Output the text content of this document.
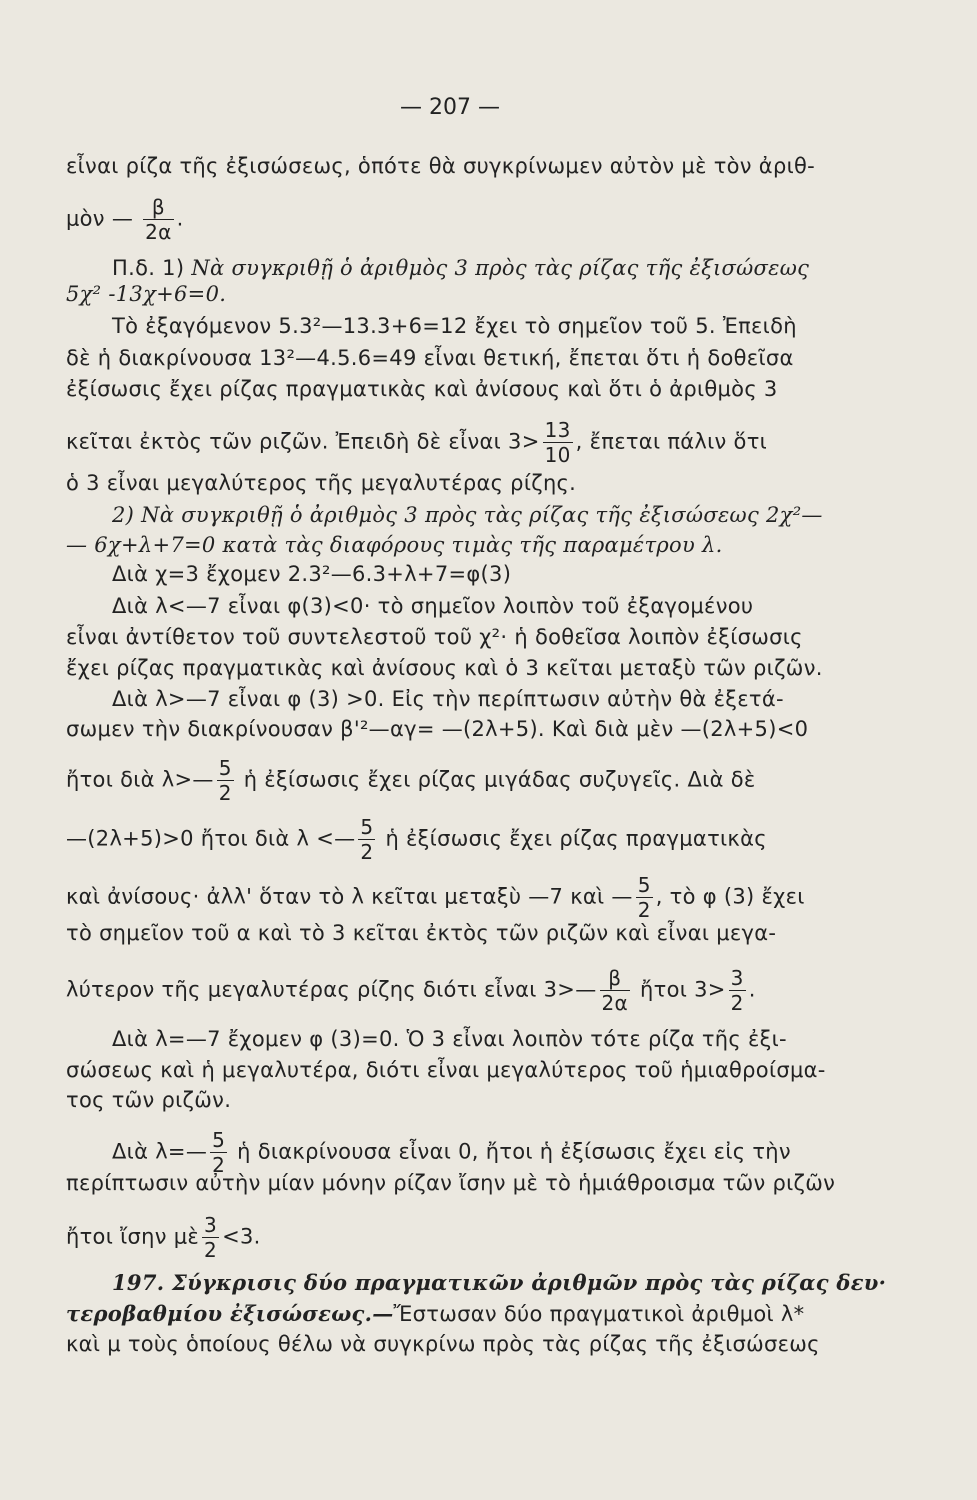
— 207 —
εἶναι ρίζα τῆς ἐξισώσεως, ὁπότε θὰ συγκρίνωμεν αὐτὸν μὲ τὸν ἀριθ-
μὸν — $\frac{\beta}{2\alpha}$ .
Π.δ. 1) Νὰ συγκριθῇ ὁ ἀριθμὸς 3 πρὸς τὰς ρίζας τῆς ἐξισώσεως
5χ² -13χ+6=0.
Τὸ ἐξαγόμενον 5.3²—13.3+6=12 ἔχει τὸ σημεῖον τοῦ 5. Ἐπειδὴ
δὲ ἡ διακρίνουσα 13²—4.5.6=49 εἶναι θετική, ἔπεται ὅτι ἡ δοθεῖσα
ἐξίσωσις ἔχει ρίζας πραγματικὰς καὶ ἀνίσους καὶ ὅτι ὁ ἀριθμὸς 3
κεῖται ἐκτὸς τῶν ριζῶν. Ἐπειδὴ δὲ εἶναι $3> \frac{13}{10}$ , ἔπεται πάλιν ὅτι
ὁ 3 εἶναι μεγαλύτερος τῆς μεγαλυτέρας ρίζης.
2) Νὰ συγκριθῇ ὁ ἀριθμὸς 3 πρὸς τὰς ρίζας τῆς ἐξισώσεως 2χ²—
— 6χ+λ+7=0 κατὰ τὰς διαφόρους τιμὰς τῆς παραμέτρου λ.
Διὰ χ=3 ἔχομεν 2.3²—6.3+λ+7=φ(3)
Διὰ λ<—7 εἶναι φ(3)<0· τὸ σημεῖον λοιπὸν τοῦ ἐξαγομένου
εἶναι ἀντίθετον τοῦ συντελεστοῦ τοῦ χ²· ἡ δοθεῖσα λοιπὸν ἐξίσωσις
ἔχει ρίζας πραγματικὰς καὶ ἀνίσους καὶ ὁ 3 κεῖται μεταξὺ τῶν ριζῶν.
Διὰ λ>—7 εἶναι φ (3) >0. Εἰς τὴν περίπτωσιν αὐτὴν θὰ ἐξετά-
σωμεν τὴν διακρίνουσαν β'²—αγ= —(2λ+5). Καὶ διὰ μὲν —(2λ+5)<0
ἤτοι διὰ λ>— $\frac{5}{2}$ ἡ ἐξίσωσις ἔχει ρίζας μιγάδας συζυγεῖς. Διὰ δὲ
—(2λ+5)>0 ἤτοι διὰ λ <— $\frac{5}{2}$ ἡ ἐξίσωσις ἔχει ρίζας πραγματικὰς
καὶ ἀνίσους· ἀλλ' ὅταν τὸ λ κεῖται μεταξὺ —7 καὶ — $\frac{5}{2}$ , τὸ φ (3) ἔχει
τὸ σημεῖον τοῦ α καὶ τὸ 3 κεῖται ἐκτὸς τῶν ριζῶν καὶ εἶναι μεγα-
λύτερον τῆς μεγαλυτέρας ρίζης διότι εἶναι 3>— $\frac{\beta}{2\alpha}$ ἤτοι $3> \frac{3}{2}$ .
Διὰ λ=—7 ἔχομεν φ (3)=0. Ὁ 3 εἶναι λοιπὸν τότε ρίζα τῆς ἐξι-
σώσεως καὶ ἡ μεγαλυτέρα, διότι εἶναι μεγαλύτερος τοῦ ἡμιαθροίσμα-
τος τῶν ριζῶν.
Διὰ λ=— $\frac{5}{2}$ ἡ διακρίνουσα εἶναι 0, ἤτοι ἡ ἐξίσωσις ἔχει εἰς τὴν
περίπτωσιν αὐτὴν μίαν μόνην ρίζαν ἴσην μὲ τὸ ἡμιάθροισμα τῶν ριζῶν
ἤτοι ἴσην μὲ $\frac{3}{2} <3$.
197. Σύγκρισις δύο πραγματικῶν ἀριθμῶν πρὸς τὰς ρίζας δευ·
τεροβαθμίου ἐξισώσεως.—Ἔστωσαν δύο πραγματικοὶ ἀριθμοὶ λ*
καὶ μ τοὺς ὁποίους θέλω νὰ συγκρίνω πρὸς τὰς ρίζας τῆς ἐξισώσεως
